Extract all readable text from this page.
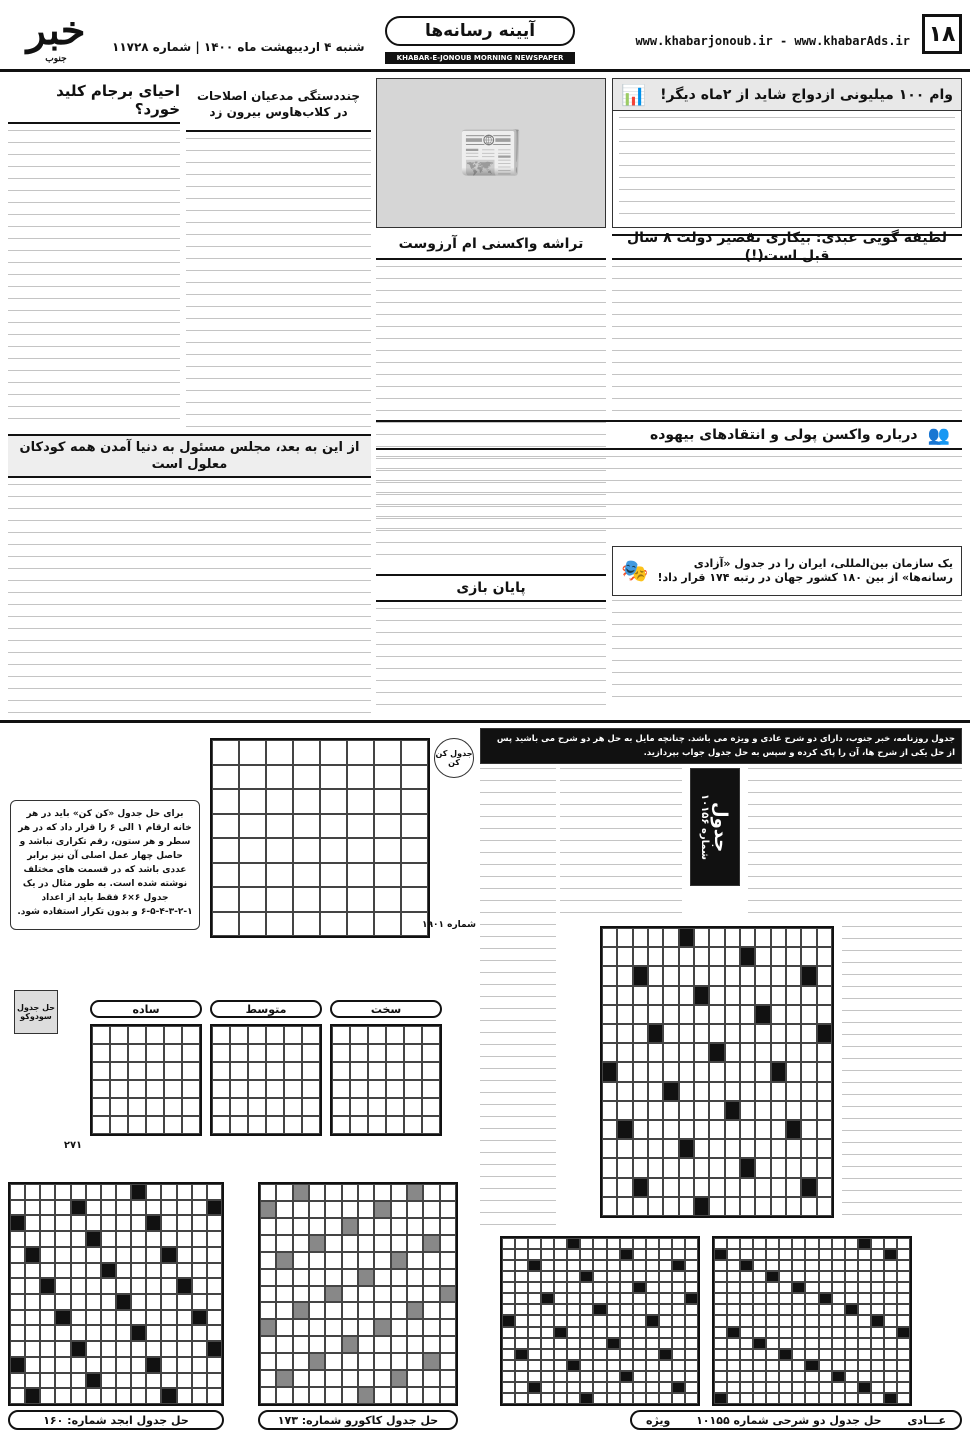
۱۸
www.khabarjonoub.ir - www.khabarAds.ir
آیینه رسانه‌ها
KHABAR-E-JONOUB MORNING NEWSPAPER
شنبه ۴ اردیبهشت ماه ۱۴۰۰ | شماره ۱۱۷۲۸
خبر
جنوب
وام ۱۰۰ میلیونی ازدواج شاید از ۲ماه دیگر!
📊
لطیفه گویی عبدی: بیکاری تقصیر دولت ۸ سال قبل است(!)
👥
درباره واکسن پولی و انتقادهای بیهوده
یک سازمان بین‌المللی، ایران را در جدول «آزادی رسانه‌ها» از بین ۱۸۰ کشور جهان در رتبه ۱۷۴ قرار داد!
🎭
📰
تراشه واکسنی ام آرزوست
پایان بازی
چنددستگی مدعیان اصلاحات در کلاب‌هاوس بیرون زد
احیای برجام کلید خورد؟
از این به بعد، مجلس مسئول به دنیا آمدن همه کودکان معلول است
جدول روزنامه، خبر جنوب، دارای دو شرح عادی و ویژه می باشد. چنانچه مایل به حل هر دو شرح می باشید پس از حل یکی از شرح ها، آن را پاک کرده و سپس به حل جدول جواب بپردازید.
جدول
شماره ۱۰۱۵۶
جدول کن کن
شماره ۱۹۰۱
برای حل جدول «کن کن» باید در هر خانه ارقام ۱ الی ۶ را قرار داد که در هر سطر و هر ستون، رقم تکراری نباشد و حاصل چهار عمل اصلی آن نیز برابر عددی باشد که در قسمت های مختلف نوشته شده است. به طور مثال در یک جدول ۶×۶ فقط باید از اعداد ۱-۲-۳-۴-۵-۶ و بدون تکرار استفاده شود.
حل جدول سودوکو
۲۷۱
ساده	متوسط	سخت
حل جدول ابجد شماره: ۱۶۰	حل جدول کاکورو شماره: ۱۷۳	عـــادی
حل جدول دو شرحی شماره ۱۰۱۵۵
ویژه
